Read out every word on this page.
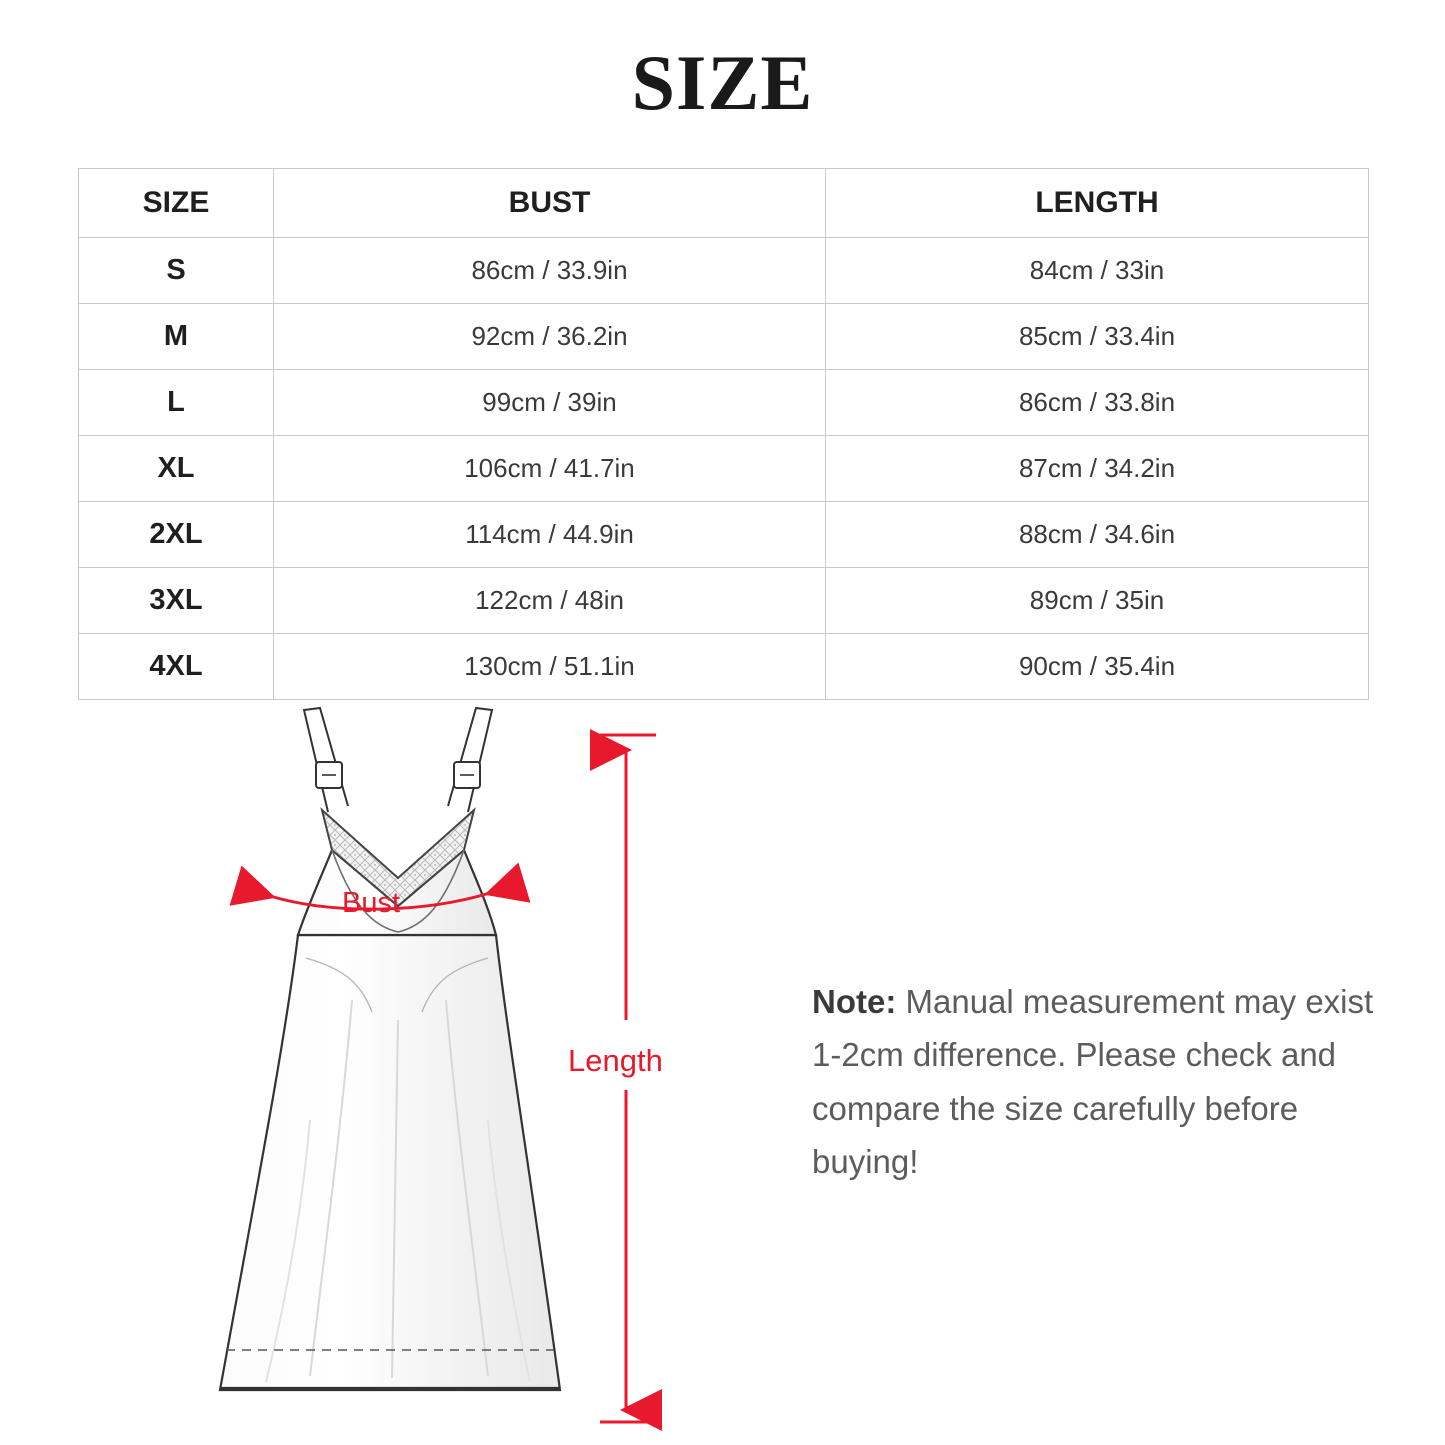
SIZE
SIZE	BUST	LENGTH
S	86cm / 33.9in	84cm / 33in
M	92cm / 36.2in	85cm / 33.4in
L	99cm / 39in	86cm / 33.8in
XL	106cm / 41.7in	87cm / 34.2in
2XL	114cm / 44.9in	88cm / 34.6in
3XL	122cm / 48in	89cm / 35in
4XL	130cm / 51.1in	90cm / 35.4in
Length
Bust
Note: Manual measurement may exist 1-2cm difference. Please check and compare the size carefully before buying!
